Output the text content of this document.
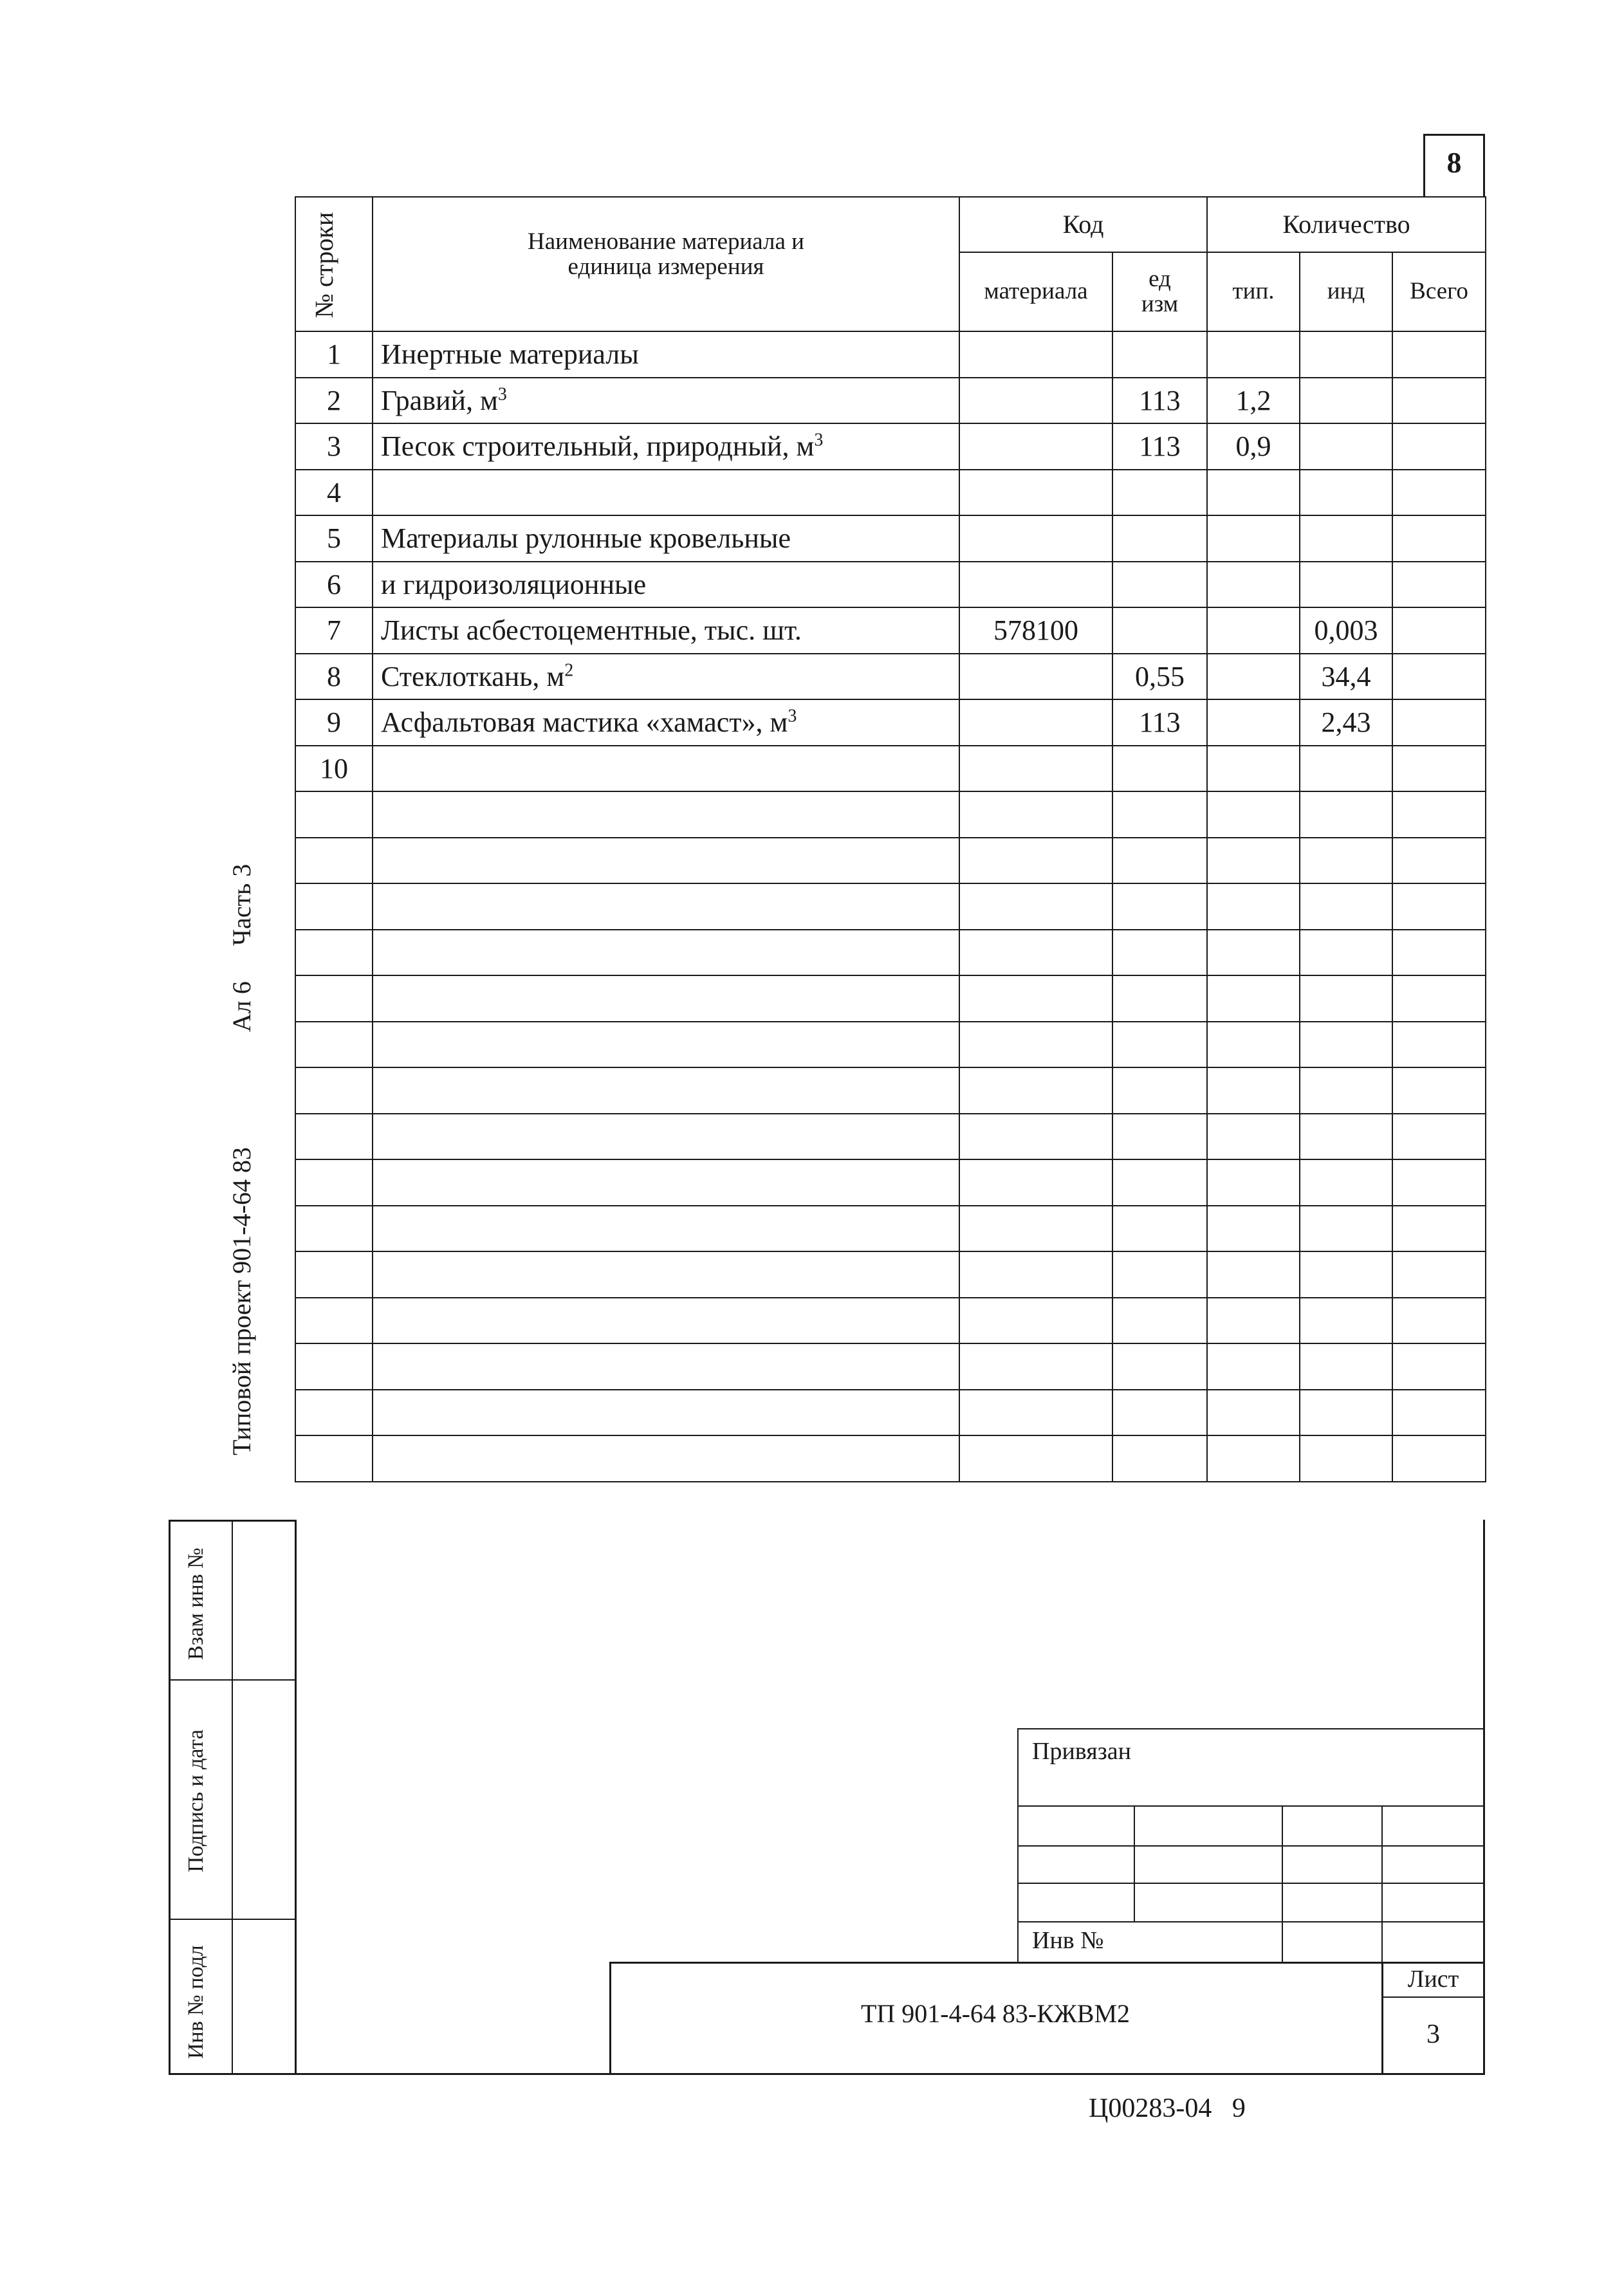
8
№ строки	Наименование материала и единица измерения	Код		Количество		
		материала	ед изм	тип.	инд	Всего
1	Инертные материалы					
2	Гравий, $м^3$		113	1,2		
3	Песок строительный, природный, $м^3$		113	0,9		
4						
5	Материалы рулонные кровельные					
6	и гидроизоляционные					
7	Листы асбестоцементные, тыс. шт.	578100			0,003	
8	Стеклоткань, $м^2$		0,55		34,4	
9	Асфальтовая мастика «хамаст», $м^3$		113		2,43	
10						

Типовой проект 901-4-64 83
Ал 6
Часть 3
Взам инв №
Подпись и дата
Инв № подл
Привязан
Инв №
ТП 901-4-64 83-КЖВМ2
Лист
3
Ц00283-04   9
